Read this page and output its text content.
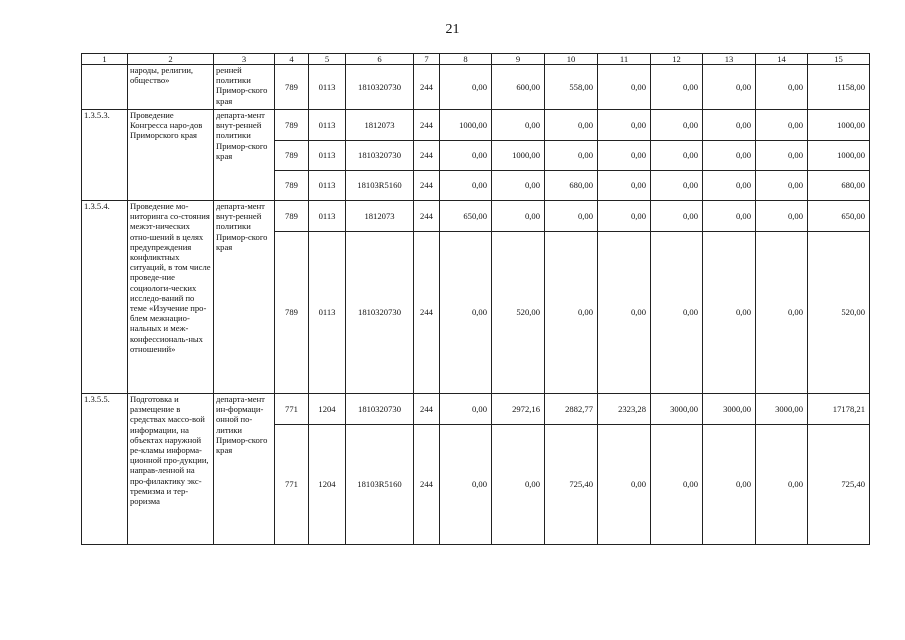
21
1	2	3	4	5	6	7	8	9	10	11	12	13	14	15
	народы, религии, общество»	ренней политики Примор-ского края	789	0113	1810320730	244	0,00	600,00	558,00	0,00	0,00	0,00	0,00	1158,00
1.3.5.3.	Проведение Конгресса наро-дов Приморского края	департа-мент внут-ренней политики Примор-ского края	789	0113	1812073	244	1000,00	0,00	0,00	0,00	0,00	0,00	0,00	1000,00
			789	0113	1810320730	244	0,00	1000,00	0,00	0,00	0,00	0,00	0,00	1000,00
			789	0113	18103R5160	244	0,00	0,00	680,00	0,00	0,00	0,00	0,00	680,00
1.3.5.4.	Проведение мо-ниторинга со-стояния межэт-нических отно-шений в целях предупреждения конфликтных ситуаций, в том числе проведе-ние социологи-ческих исследо-ваний по теме «Изучение про-блем межнацио-нальных и меж-конфессиональ-ных отношений»	департа-мент внут-ренней политики Примор-ского края	789	0113	1812073	244	650,00	0,00	0,00	0,00	0,00	0,00	0,00	650,00
			789	0113	1810320730	244	0,00	520,00	0,00	0,00	0,00	0,00	0,00	520,00
1.3.5.5.	Подготовка и размещение в средствах массо-вой информации, на объектах наружной ре-кламы информа-ционной про-дукции, направ-ленной на про-филактику экс-тремизма и тер-роризма	департа-мент ин-формаци-онной по-литики Примор-ского края	771	1204	1810320730	244	0,00	2972,16	2882,77	2323,28	3000,00	3000,00	3000,00	17178,21
			771	1204	18103R5160	244	0,00	0,00	725,40	0,00	0,00	0,00	0,00	725,40
